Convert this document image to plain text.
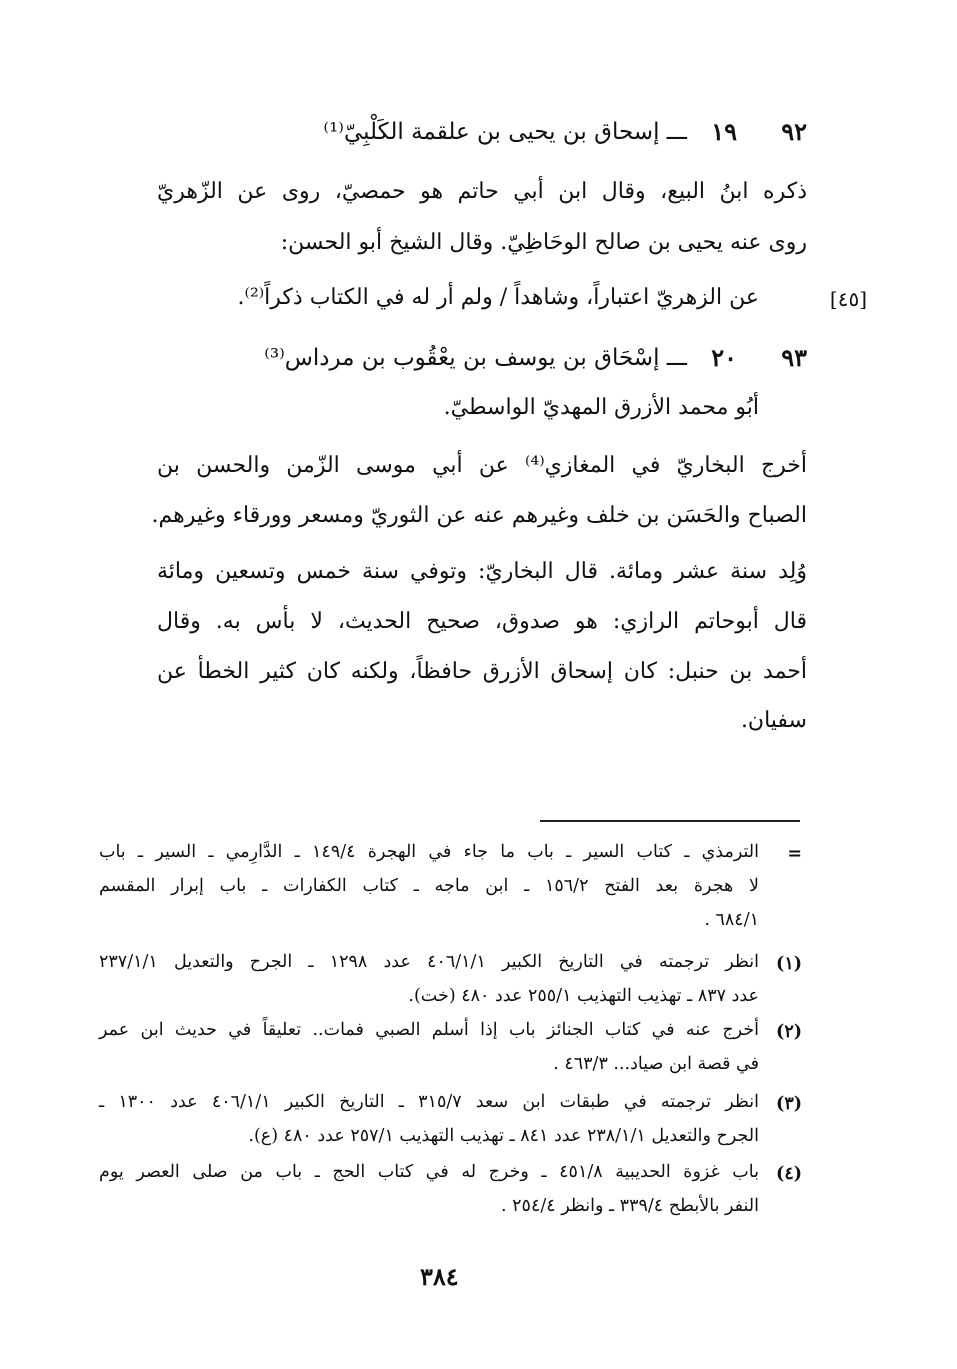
٩٢
١٩
ـــ إسحاق بن يحيى بن علقمة الكَلْبِيّ⁽¹⁾
ذكره ابنُ البيع، وقال ابن أبي حاتم هو حمصيّ، روى عن الزّهريّ
روى عنه يحيى بن صالح الوحَاظِيّ. وقال الشيخ أبو الحسن:
عن الزهريّ اعتباراً، وشاهداً / ولم أر له في الكتاب ذكراً⁽²⁾.	[٤٥]
٩٣
٢٠
ـــ إسْحَاق بن يوسف بن يعْقُوب بن مرداس⁽³⁾
أبُو محمد الأزرق المهديّ الواسطيّ.
أخرج البخاريّ في المغازي⁽⁴⁾ عن أبي موسى الزّمن والحسن بن
الصباح والحَسَن بن خلف وغيرهم عنه عن الثوريّ ومسعر وورقاء وغيرهم.
وُلِد سنة عشر ومائة. قال البخاريّ: وتوفي سنة خمس وتسعين ومائة
قال أبوحاتم الرازي: هو صدوق، صحيح الحديث، لا بأس به. وقال
أحمد بن حنبل: كان إسحاق الأزرق حافظاً، ولكنه كان كثير الخطأ عن
سفيان.
=
الترمذي ـ كتاب السير ـ باب ما جاء في الهجرة ١٤٩/٤ ـ الدَّارِمي ـ السير ـ باب
لا هجرة بعد الفتح ١٥٦/٢ ـ ابن ماجه ـ كتاب الكفارات ـ باب إبرار المقسم
٦٨٤/١ .
(١)
انظر ترجمته في التاريخ الكبير ٤٠٦/١/١ عدد ١٢٩٨ ـ الجرح والتعديل ٢٣٧/١/١
عدد ٨٣٧ ـ تهذيب التهذيب ٢٥٥/١ عدد ٤٨٠ (خت).
(٢)
أخرج عنه في كتاب الجنائز باب إذا أسلم الصبي فمات.. تعليقاً في حديث ابن عمر
في قصة ابن صياد... ٤٦٣/٣ .
(٣)
انظر ترجمته في طبقات ابن سعد ٣١٥/٧ ـ التاريخ الكبير ٤٠٦/١/١ عدد ١٣٠٠ ـ
الجرح والتعديل ٢٣٨/١/١ عدد ٨٤١ ـ تهذيب التهذيب ٢٥٧/١ عدد ٤٨٠ (ع).
(٤)
باب غزوة الحديبية ٤٥١/٨ ـ وخرج له في كتاب الحج ـ باب من صلى العصر يوم
النفر بالأبطح ٣٣٩/٤ ـ وانظر ٢٥٤/٤ .
٣٨٤
